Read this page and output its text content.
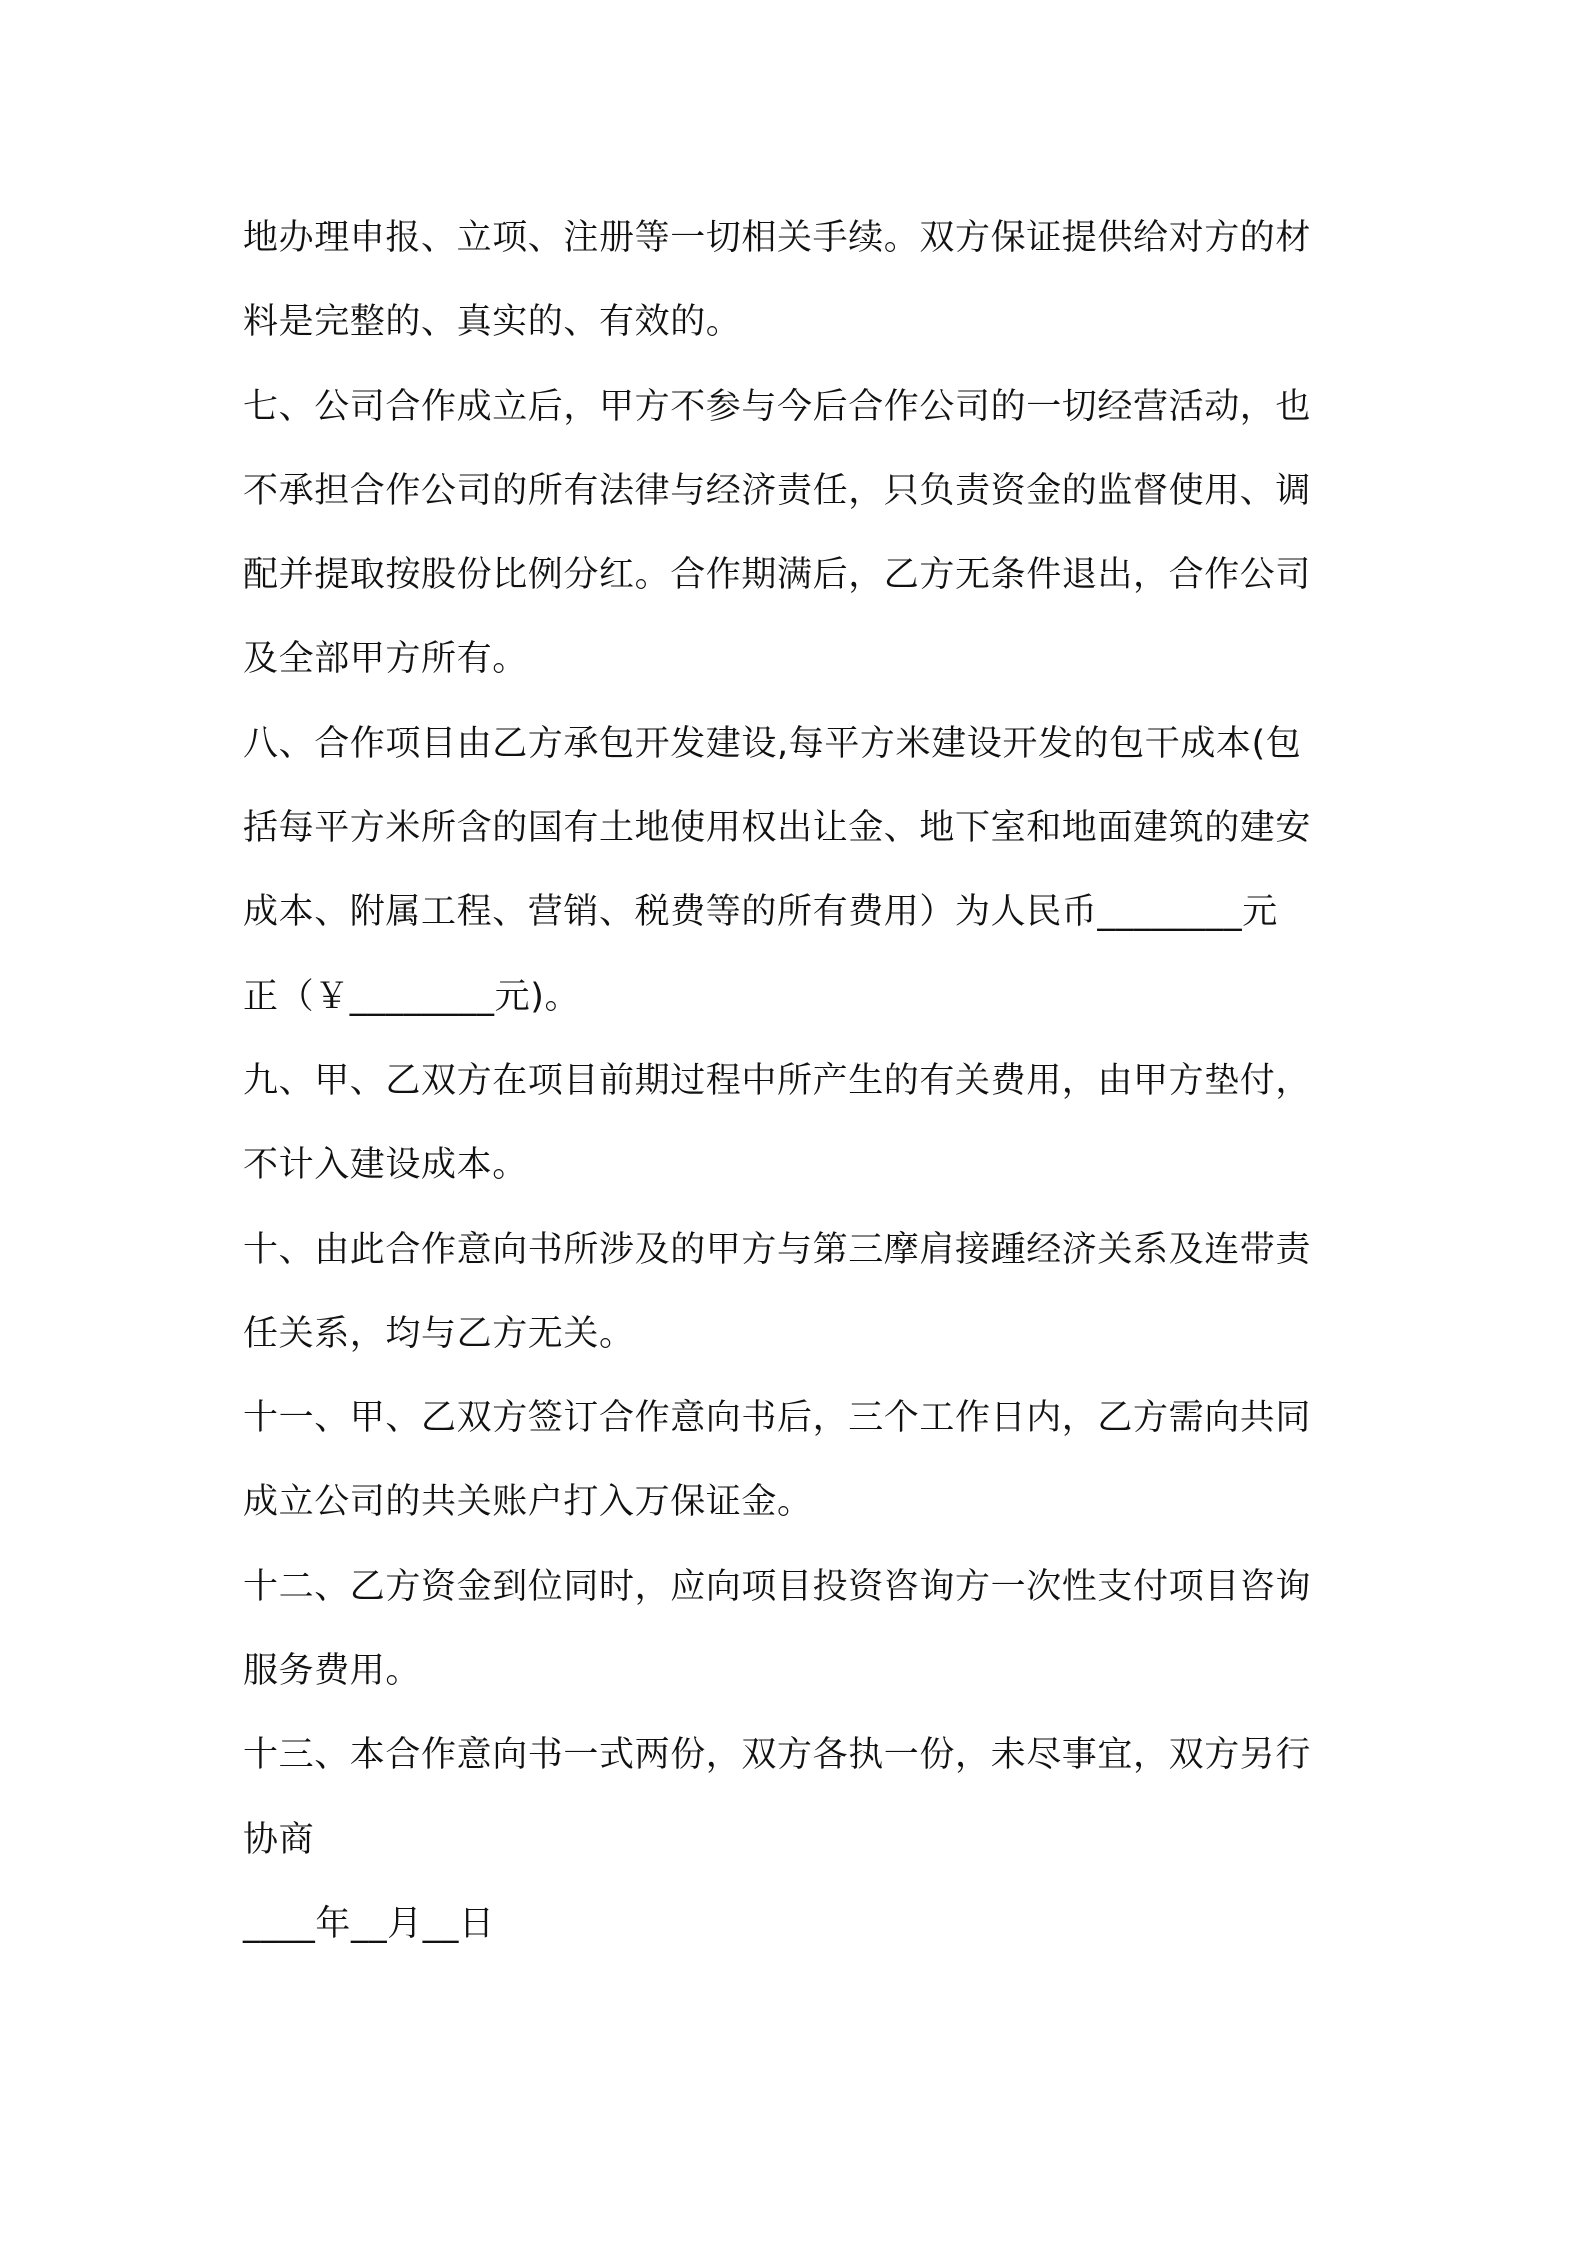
地办理申报、立项、注册等一切相关手续。双方保证提供给对方的材
料是完整的、真实的、有效的。
七、公司合作成立后，甲方不参与今后合作公司的一切经营活动，也
不承担合作公司的所有法律与经济责任，只负责资金的监督使用、调
配并提取按股份比例分红。合作期满后，乙方无条件退出，合作公司
及全部甲方所有。
八、合作项目由乙方承包开发建设,每平方米建设开发的包干成本(包
括每平方米所含的国有土地使用权出让金、地下室和地面建筑的建安
成本、附属工程、营销、税费等的所有费用）为人民币________元
正（￥________元)。
九、甲、乙双方在项目前期过程中所产生的有关费用，由甲方垫付，
不计入建设成本。
十、由此合作意向书所涉及的甲方与第三摩肩接踵经济关系及连带责
任关系，均与乙方无关。
十一、甲、乙双方签订合作意向书后，三个工作日内，乙方需向共同
成立公司的共关账户打入万保证金。
十二、乙方资金到位同时，应向项目投资咨询方一次性支付项目咨询
服务费用。
十三、本合作意向书一式两份，双方各执一份，未尽事宜，双方另行
协商
____年__月__日
